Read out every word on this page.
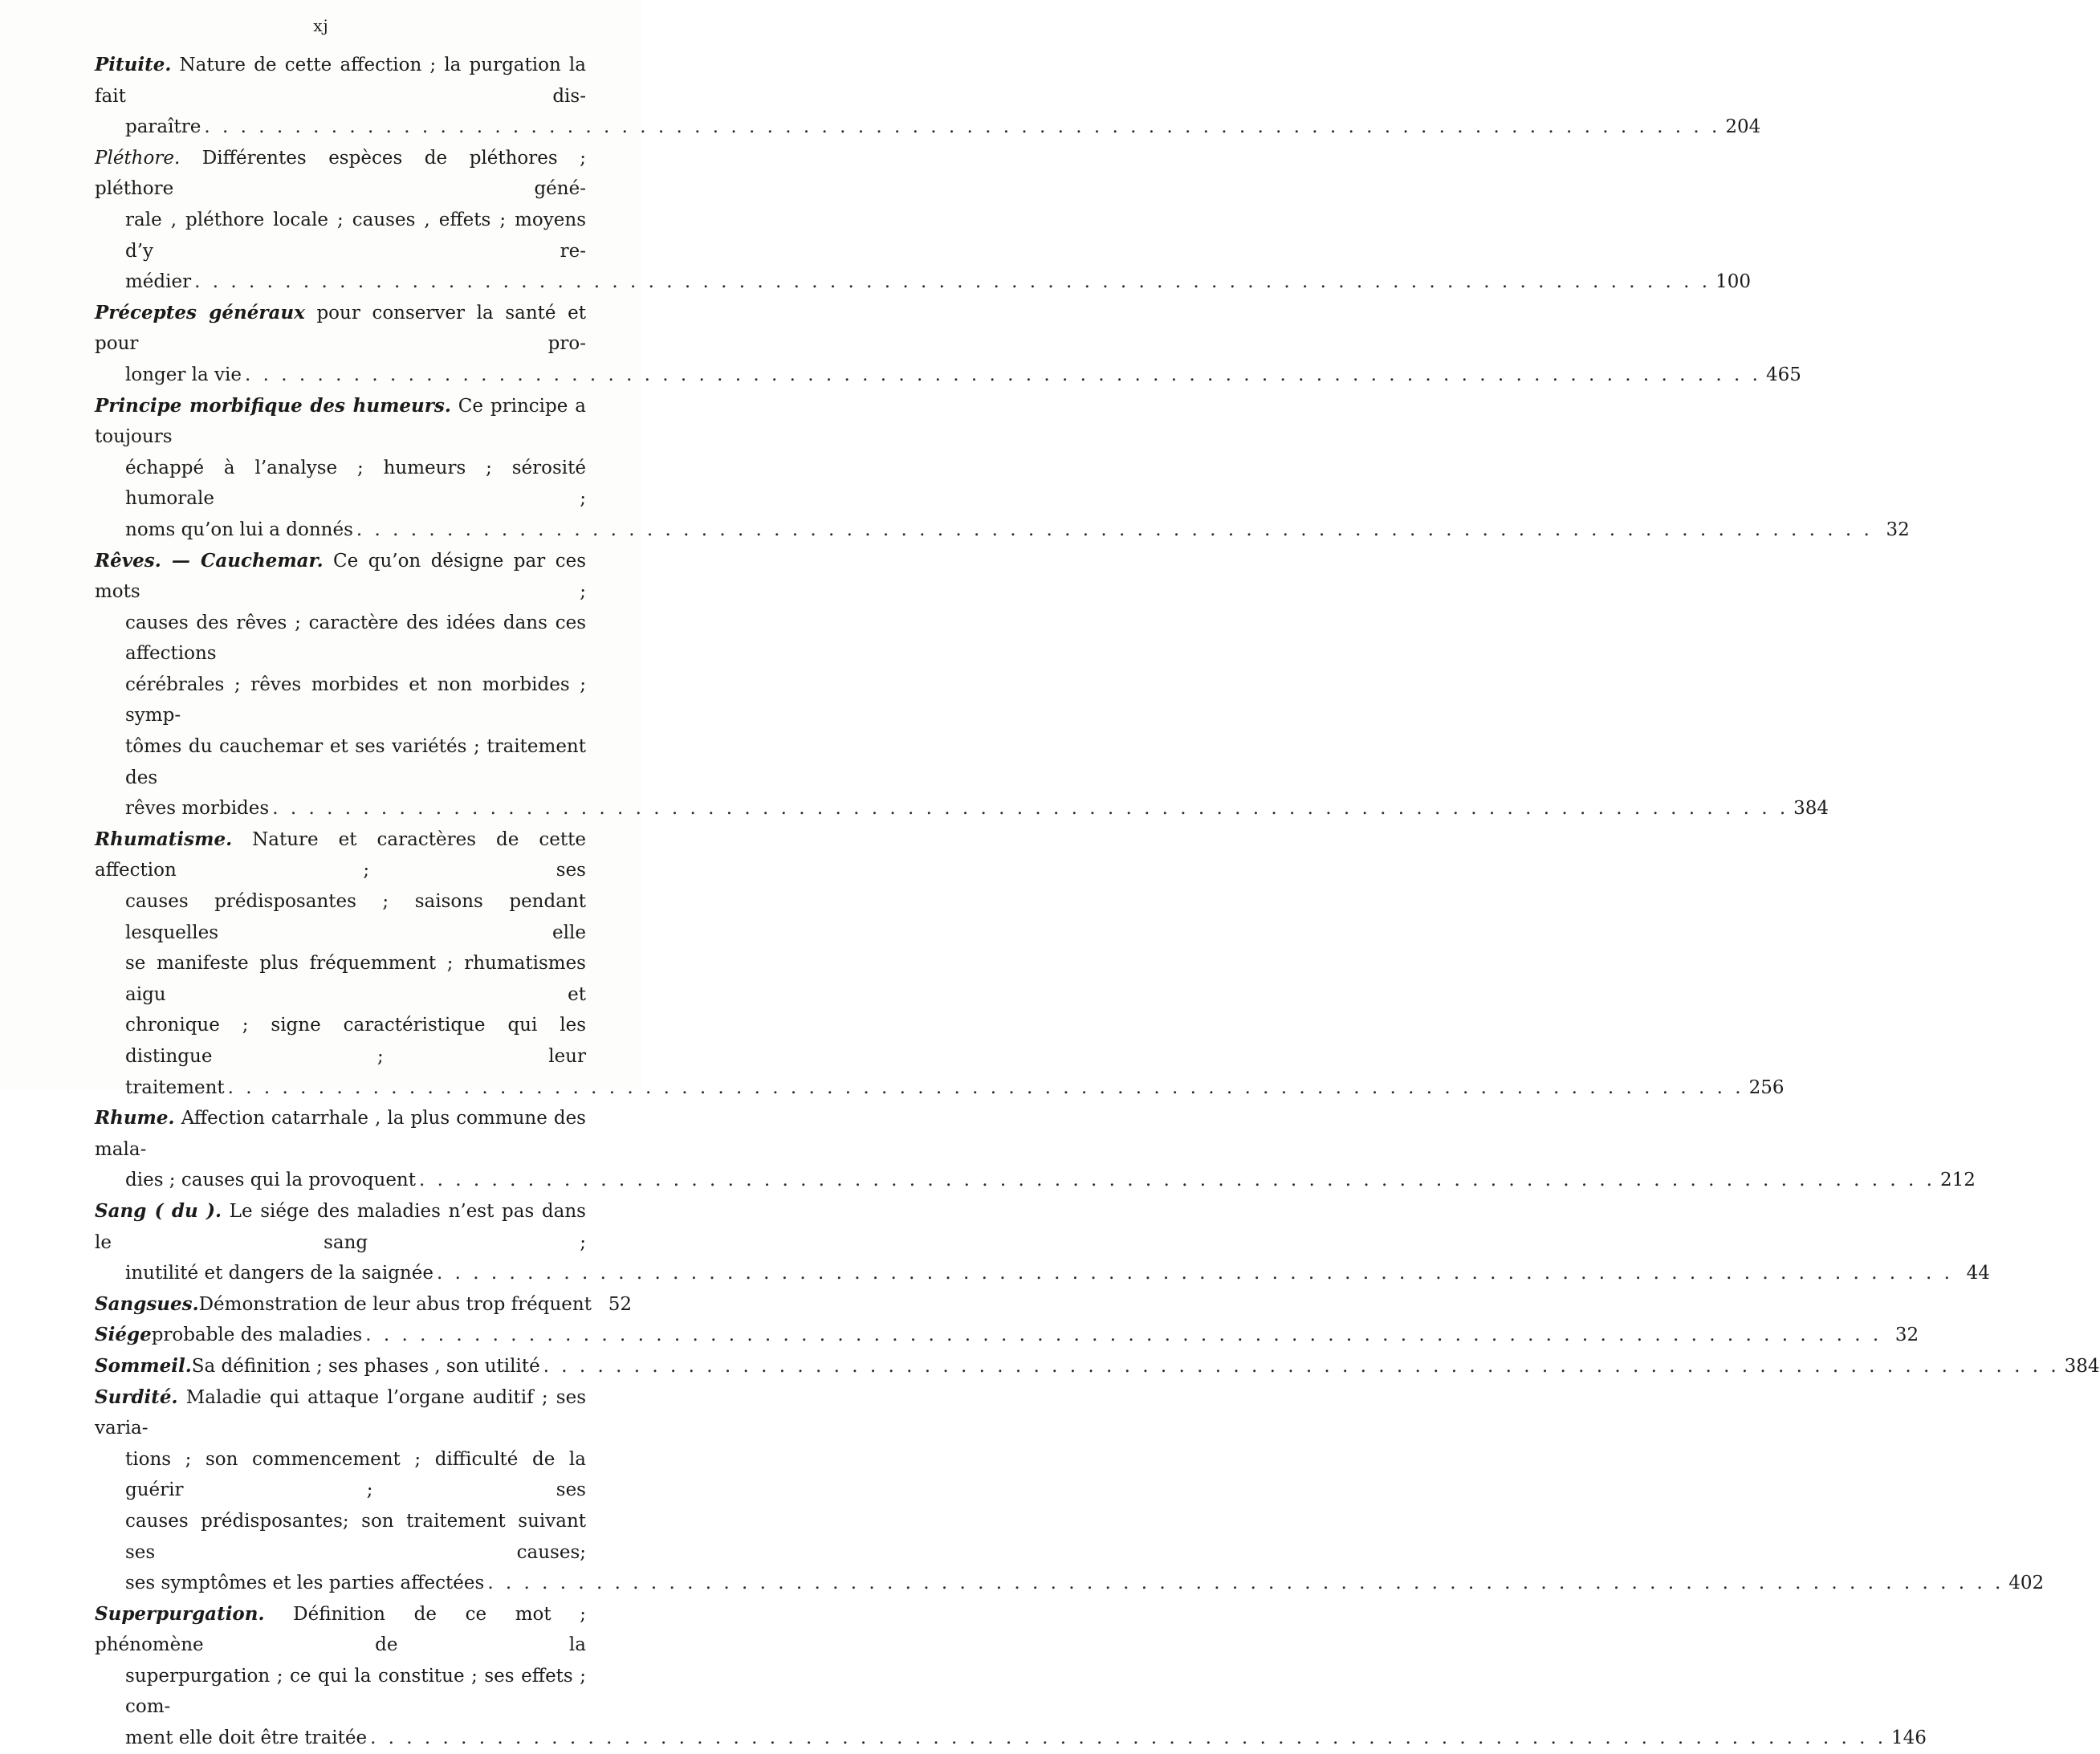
xj
Pituite. Nature de cette affection ; la purgation la fait dis-
paraître . . .	204
Pléthore. Différentes espèces de pléthores ; pléthore géné-
rale , pléthore locale ; causes , effets ; moyens d’y re-
médier . . .	100
Préceptes généraux pour conserver la santé et pour pro-
longer la vie . . .	465
Principe morbifique des humeurs. Ce principe a toujours
échappé à l’analyse ; humeurs ; sérosité humorale ;
noms qu’on lui a donnés . . .	32
Rêves. — Cauchemar. Ce qu’on désigne par ces mots ;
causes des rêves ; caractère des idées dans ces affections
cérébrales ; rêves morbides et non morbides ; symp-
tômes du cauchemar et ses variétés ; traitement des
rêves morbides . . .	384
Rhumatisme. Nature et caractères de cette affection ; ses
causes prédisposantes ; saisons pendant lesquelles elle
se manifeste plus fréquemment ; rhumatismes aigu et
chronique ; signe caractéristique qui les distingue ; leur
traitement . . .	256
Rhume. Affection catarrhale , la plus commune des mala-
dies ; causes qui la provoquent . . .	212
Sang ( du ). Le siége des maladies n’est pas dans le sang ;
inutilité et dangers de la saignée . . .	44
Sangsues. Démonstration de leur abus trop fréquent 52
Siége probable des maladies . . .	32
Sommeil. Sa définition ; ses phases , son utilité . . .	384
Surdité. Maladie qui attaque l’organe auditif ; ses varia-
tions ; son commencement ; difficulté de la guérir ; ses
causes prédisposantes; son traitement suivant ses causes;
ses symptômes et les parties affectées . . .	402
Superpurgation. Définition de ce mot ; phénomène de la
superpurgation ; ce qui la constitue ; ses effets ; com-
ment elle doit être traitée . . .	146
